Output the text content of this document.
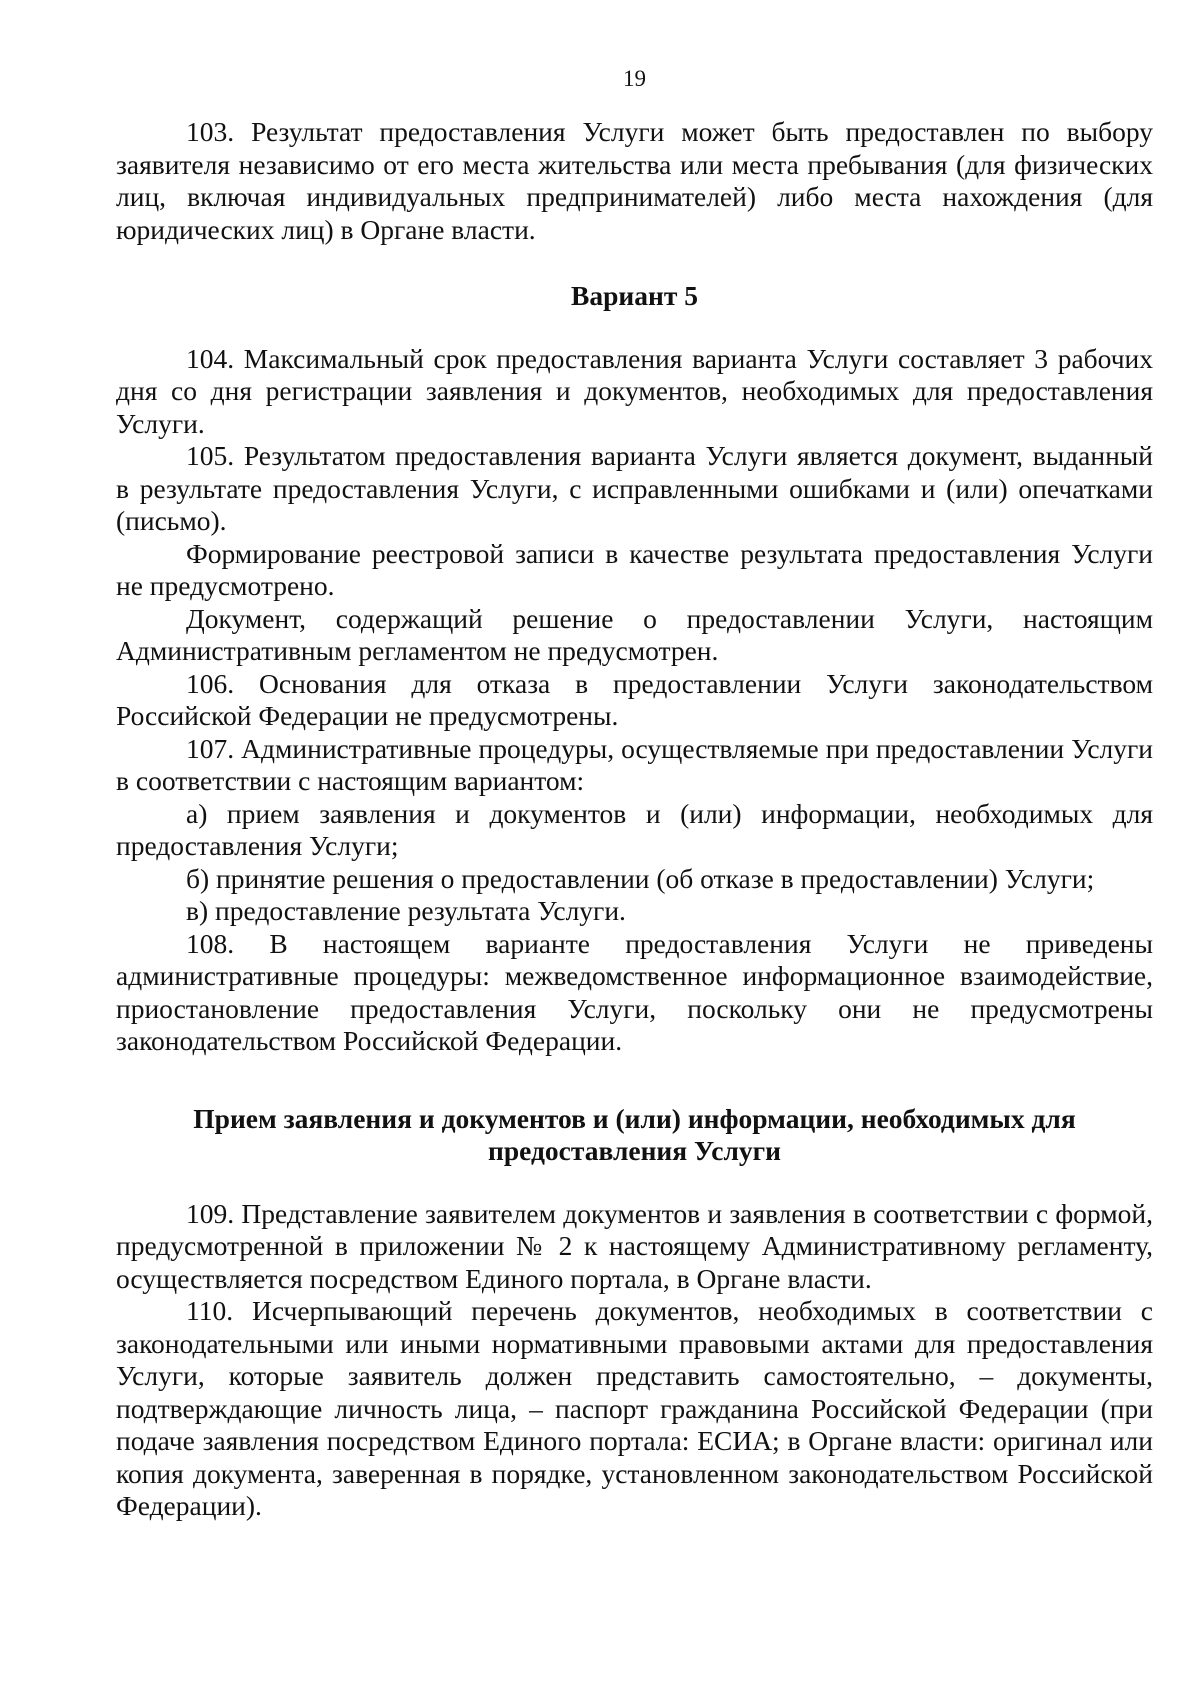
19

103. Результат предоставления Услуги может быть предоставлен по выбору заявителя независимо от его места жительства или места пребывания (для физических лиц, включая индивидуальных предпринимателей) либо места нахождения (для юридических лиц) в Органе власти.

Вариант 5

104. Максимальный срок предоставления варианта Услуги составляет 3 рабочих дня со дня регистрации заявления и документов, необходимых для предоставления Услуги.

105. Результатом предоставления варианта Услуги является документ, выданный в результате предоставления Услуги, с исправленными ошибками и (или) опечатками (письмо).

Формирование реестровой записи в качестве результата предоставления Услуги не предусмотрено.

Документ, содержащий решение о предоставлении Услуги, настоящим Административным регламентом не предусмотрен.

106. Основания для отказа в предоставлении Услуги законодательством Российской Федерации не предусмотрены.

107. Административные процедуры, осуществляемые при предоставлении Услуги в соответствии с настоящим вариантом:

а) прием заявления и документов и (или) информации, необходимых для предоставления Услуги;

б) принятие решения о предоставлении (об отказе в предоставлении) Услуги;

в) предоставление результата Услуги.

108. В настоящем варианте предоставления Услуги не приведены административные процедуры: межведомственное информационное взаимодействие, приостановление предоставления Услуги, поскольку они не предусмотрены законодательством Российской Федерации.

Прием заявления и документов и (или) информации, необходимых для предоставления Услуги

109. Представление заявителем документов и заявления в соответствии с формой, предусмотренной в приложении № 2 к настоящему Административному регламенту, осуществляется посредством Единого портала, в Органе власти.

110. Исчерпывающий перечень документов, необходимых в соответствии с законодательными или иными нормативными правовыми актами для предоставления Услуги, которые заявитель должен представить самостоятельно, – документы, подтверждающие личность лица, – паспорт гражданина Российской Федерации (при подаче заявления посредством Единого портала: ЕСИА; в Органе власти: оригинал или копия документа, заверенная в порядке, установленном законодательством Российской Федерации).
